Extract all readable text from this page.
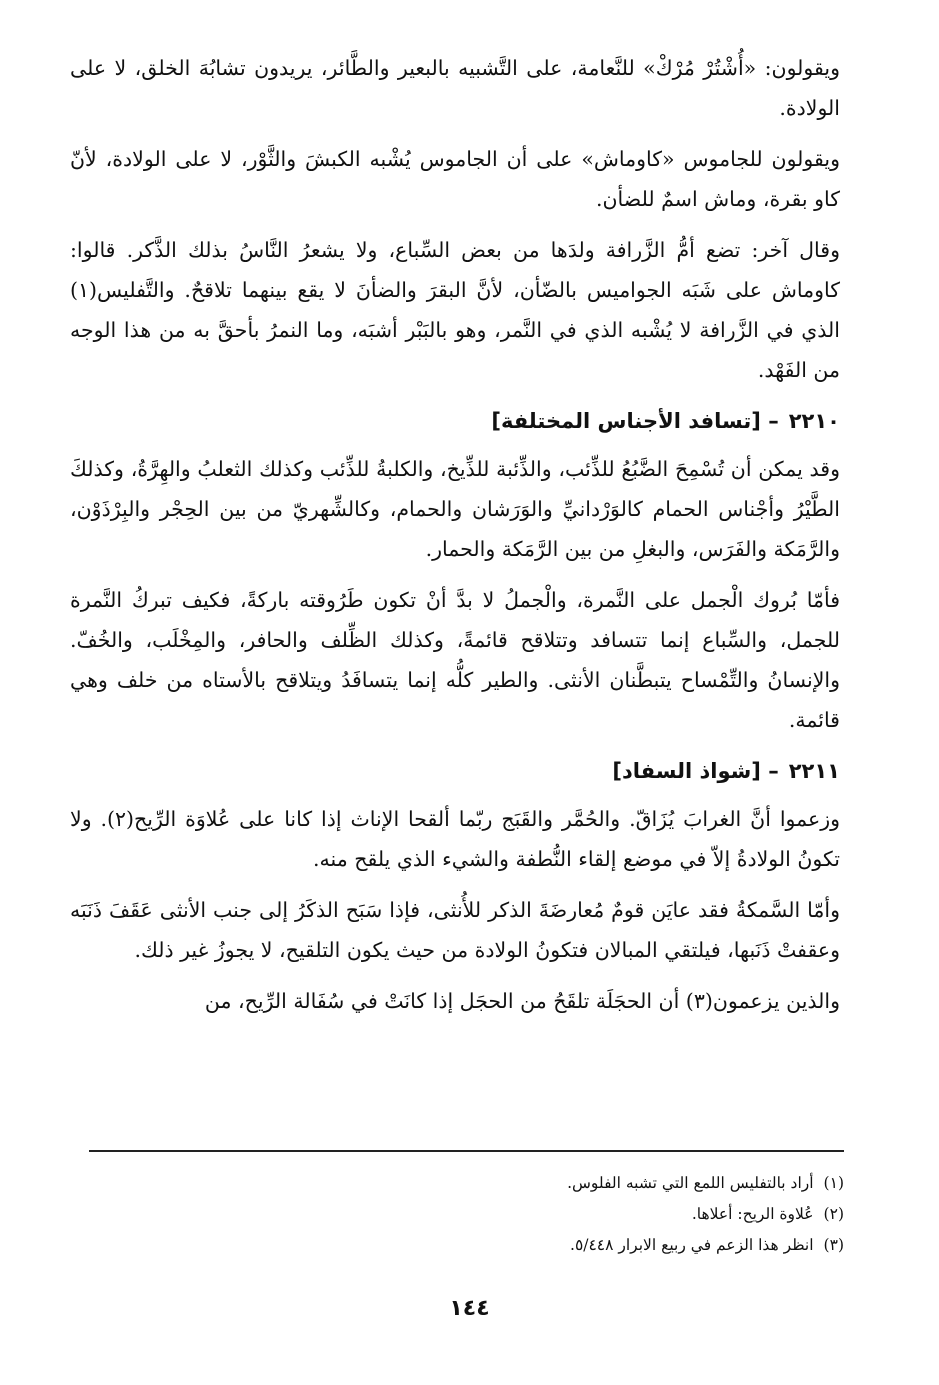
ويقولون: «أُشْتُرْ مُرْكْ» للنَّعامة، على التَّشبيه بالبعير والطَّائر، يريدون تشابُهَ الخلق، لا على الولادة.

ويقولون للجاموس «كاوماش» على أن الجاموس يُشْبه الكبشَ والثَّوْر، لا على الولادة، لأنّ كاو بقرة، وماش اسمٌ للضأن.

وقال آخر: تضع أمُّ الزَّرافة ولدَها من بعض السِّباع، ولا يشعرُ النَّاسُ بذلك الذَّكر. قالوا: كاوماش على شَبَه الجواميس بالضّأن، لأنَّ البقرَ والضأنَ لا يقع بينهما تلاقحٌ. والتَّفليس(١) الذي في الزَّرافة لا يُشْبه الذي في النَّمر، وهو بالبَبْر أشبَه، وما النمرُ بأحقَّ به من هذا الوجه من الفَهْد.

٢٢١٠– [تسافد الأجناس المختلفة]

وقد يمكن أن تُسْمِحَ الضَّبُعُ للذِّئب، والذِّئبة للذِّيخ، والكلبةُ للذِّئب وكذلك الثعلبُ والهِرَّةُ، وكذلكَ الطَّيْرُ وأجْناس الحمام كالوَرْدانيِّ والوَرَشان والحمام، وكالشِّهريّ من بين الحِجْر والبِرْذَوْن، والرَّمَكة والفَرَس، والبغلِ من بين الرَّمَكة والحمار.

فأمّا بُروك الْجمل على النَّمرة، والْجملُ لا بدَّ أنْ تكون طَرُوقته باركةً، فكيف تبركُ النَّمرة للجمل، والسِّباع إنما تتسافد وتتلاقح قائمةً، وكذلك الظِّلف والحافر، والمِخْلَب، والخُفّ. والإنسانُ والتِّمْساح يتبطَّنان الأنثى. والطير كلُّه إنما يتسافَدُ ويتلاقح بالأستاه من خلف وهي قائمة.

٢٢١١– [شواذ السفاد]

وزعموا أنَّ الغرابَ يُزَاقّ. والحُمَّر والقَبَج ربّما ألقحا الإناث إذا كانا على عُلاوَة الرِّيح(٢). ولا تكونُ الولادةُ إلاّ في موضع إلقاء النُّطفة والشيء الذي يلقح منه.

وأمّا السَّمكةُ فقد عايَن قومٌ مُعارضَةَ الذكر للأُنثى، فإذا سَبَح الذكَرُ إلى جنب الأنثى عَقَفَ ذَنَبَه وعقفتْ ذَنَبها، فيلتقي المبالان فتكونُ الولادة من حيث يكون التلقيح، لا يجوزُ غير ذلك.

والذين يزعمون(٣) أن الحجَلَة تلقَحُ من الحجَل إذا كانَتْ في سُفَالة الرِّيح، من

(١)أراد بالتفليس اللمع التي تشبه الفلوس.

(٢)عُلاوة الريح: أعلاها.

(٣)انظر هذا الزعم في ربيع الابرار ٥/٤٤٨.

١٤٤
